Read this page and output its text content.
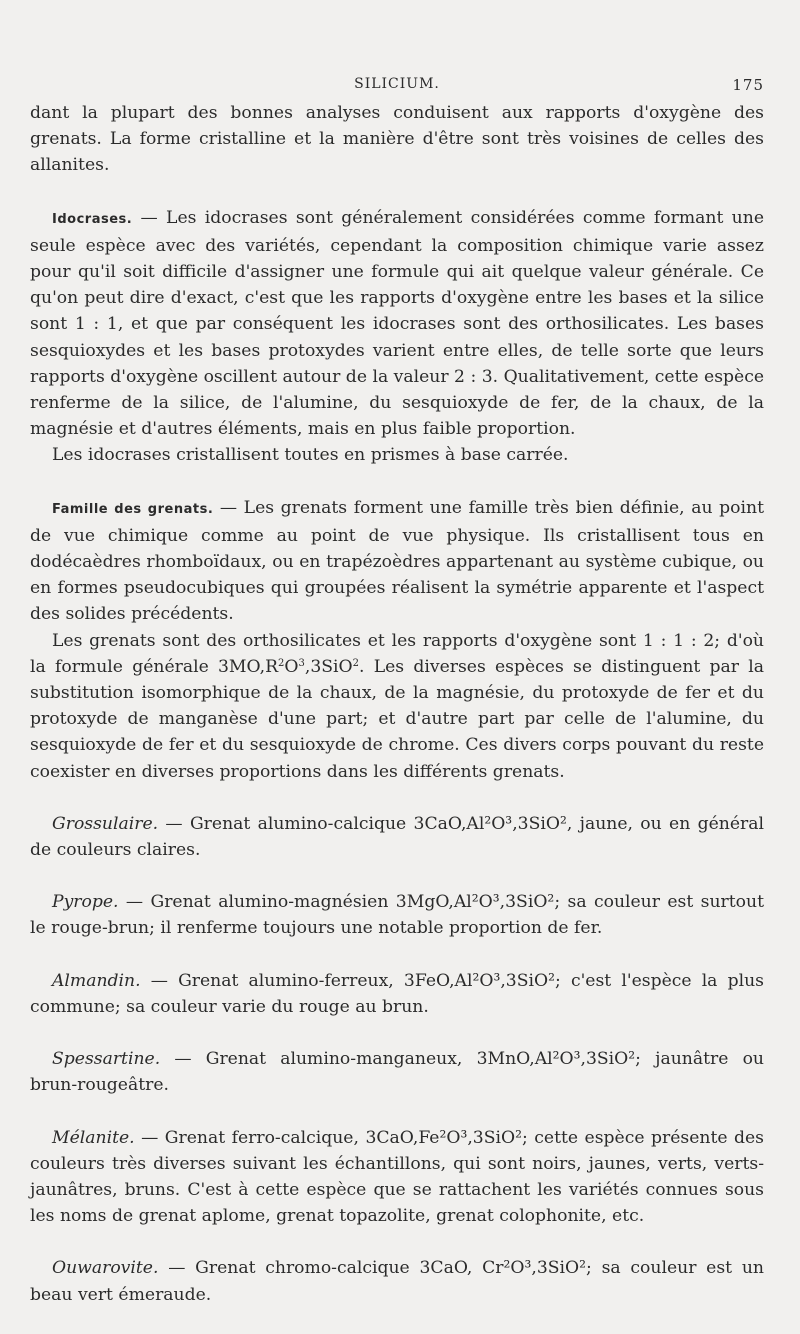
SILICIUM.	175

dant la plupart des bonnes analyses conduisent aux rapports d'oxygène des grenats. La forme cristalline et la manière d'être sont très voisines de celles des allanites.

Idocrases. — Les idocrases sont généralement considérées comme formant une seule espèce avec des variétés, cependant la composition chimique varie assez pour qu'il soit difficile d'assigner une formule qui ait quelque valeur générale. Ce qu'on peut dire d'exact, c'est que les rapports d'oxygène entre les bases et la silice sont 1 : 1, et que par conséquent les idocrases sont des orthosilicates. Les bases sesquioxydes et les bases protoxydes varient entre elles, de telle sorte que leurs rapports d'oxygène oscillent autour de la valeur 2 : 3. Qualitativement, cette espèce renferme de la silice, de l'alumine, du sesquioxyde de fer, de la chaux, de la magnésie et d'autres éléments, mais en plus faible proportion.

Les idocrases cristallisent toutes en prismes à base carrée.

Famille des grenats. — Les grenats forment une famille très bien définie, au point de vue chimique comme au point de vue physique. Ils cristallisent tous en dodécaèdres rhomboïdaux, ou en trapézoèdres appartenant au système cubique, ou en formes pseudocubiques qui groupées réalisent la symétrie apparente et l'aspect des solides précédents.

Les grenats sont des orthosilicates et les rapports d'oxygène sont 1 : 1 : 2; d'où la formule générale $3MO,R^2O^3,3SiO^2$. Les diverses espèces se distinguent par la substitution isomorphique de la chaux, de la magnésie, du protoxyde de fer et du protoxyde de manganèse d'une part; et d'autre part par celle de l'alumine, du sesquioxyde de fer et du sesquioxyde de chrome. Ces divers corps pouvant du reste coexister en diverses proportions dans les différents grenats.

Grossulaire. — Grenat alumino-calcique 3CaO,Al²O³,3SiO², jaune, ou en général de couleurs claires.

Pyrope. — Grenat alumino-magnésien 3MgO,Al²O³,3SiO²; sa couleur est surtout le rouge-brun; il renferme toujours une notable proportion de fer.

Almandin. — Grenat alumino-ferreux, 3FeO,Al²O³,3SiO²; c'est l'espèce la plus commune; sa couleur varie du rouge au brun.

Spessartine. — Grenat alumino-manganeux, 3MnO,Al²O³,3SiO²; jaunâtre ou brun-rougeâtre.

Mélanite. — Grenat ferro-calcique, 3CaO,Fe²O³,3SiO²; cette espèce présente des couleurs très diverses suivant les échantillons, qui sont noirs, jaunes, verts, verts-jaunâtres, bruns. C'est à cette espèce que se rattachent les variétés connues sous les noms de grenat aplome, grenat topazolite, grenat colophonite, etc.

Ouwarovite. — Grenat chromo-calcique 3CaO, Cr²O³,3SiO²; sa couleur est un beau vert émeraude.
